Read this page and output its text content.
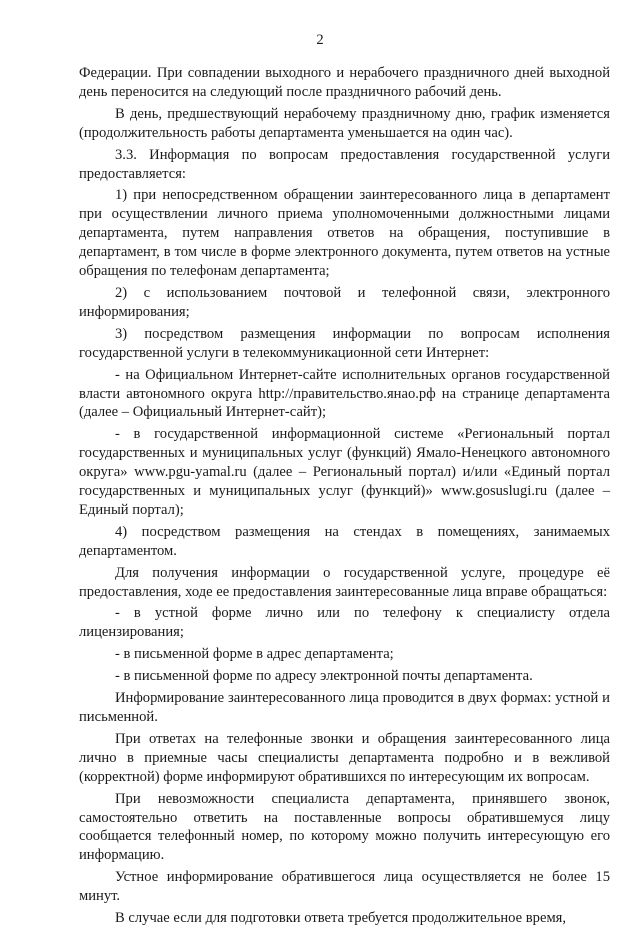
2

Федерации. При совпадении выходного и нерабочего праздничного дней выходной день переносится на следующий после праздничного рабочий день.

В день, предшествующий нерабочему праздничному дню, график изменяется (продолжительность работы департамента уменьшается на один час).

3.3. Информация по вопросам предоставления государственной услуги предоставляется:

1) при непосредственном обращении заинтересованного лица в департамент при осуществлении личного приема уполномоченными должностными лицами департамента, путем направления ответов на обращения, поступившие в департамент, в том числе в форме электронного документа, путем ответов на устные обращения по телефонам департамента;

2) с использованием почтовой и телефонной связи, электронного информирования;

3) посредством размещения информации по вопросам исполнения государственной услуги в телекоммуникационной сети Интернет:

- на Официальном Интернет-сайте исполнительных органов государственной власти автономного округа http://правительство.янао.рф на странице департамента (далее – Официальный Интернет-сайт);

- в государственной информационной системе «Региональный портал государственных и муниципальных услуг (функций) Ямало-Ненецкого автономного округа» www.pgu-yamal.ru (далее – Региональный портал) и/или «Единый портал государственных и муниципальных услуг (функций)» www.gosuslugi.ru (далее – Единый портал);

4) посредством размещения на стендах в помещениях, занимаемых департаментом.

Для получения информации о государственной услуге, процедуре её предоставления, ходе ее предоставления заинтересованные лица вправе обращаться:

- в устной форме лично или по телефону к специалисту отдела лицензирования;

- в письменной форме в адрес департамента;

- в письменной форме по адресу электронной почты департамента.

Информирование заинтересованного лица проводится в двух формах: устной и письменной.

При ответах на телефонные звонки и обращения заинтересованного лица лично в приемные часы специалисты департамента подробно и в вежливой (корректной) форме информируют обратившихся по интересующим их вопросам.

При невозможности специалиста департамента, принявшего звонок, самостоятельно ответить на поставленные вопросы обратившемуся лицу сообщается телефонный номер, по которому можно получить интересующую его информацию.

Устное информирование обратившегося лица осуществляется не более 15 минут.

В случае если для подготовки ответа требуется продолжительное время,
